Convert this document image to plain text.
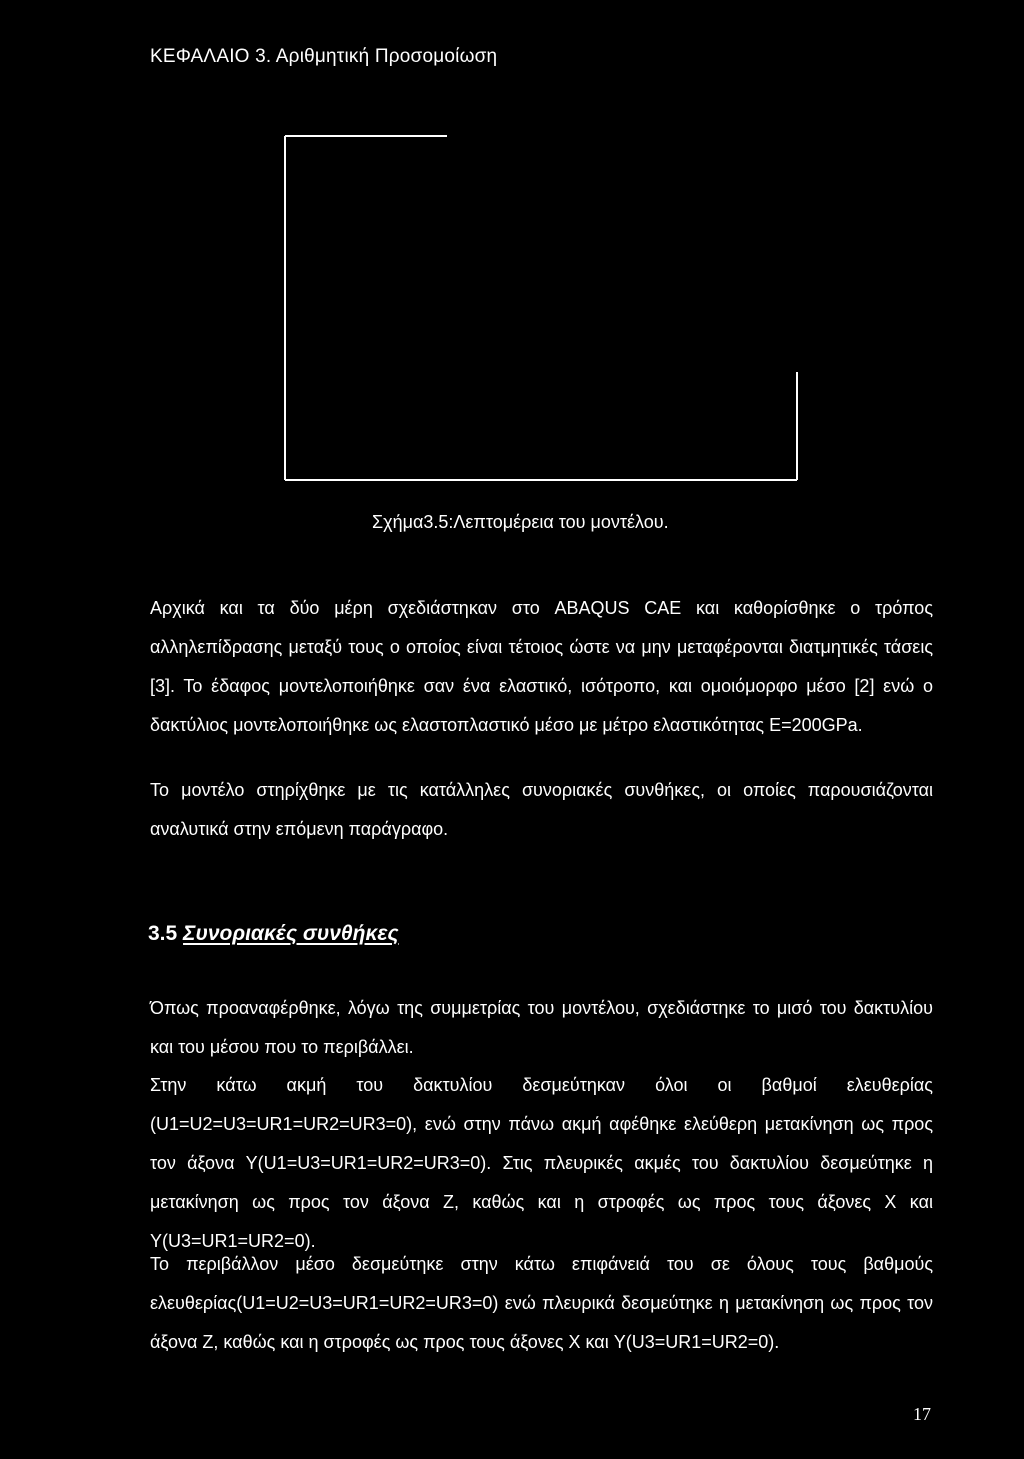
ΚΕΦΑΛΑΙΟ 3. Αριθμητική Προσομοίωση
Σχήμα3.5:Λεπτομέρεια του μοντέλου.

Αρχικά και τα δύο μέρη σχεδιάστηκαν στο ABAQUS CAE και καθορίσθηκε ο τρόπος αλληλεπίδρασης μεταξύ τους ο οποίος είναι τέτοιος ώστε να μην μεταφέρονται διατμητικές τάσεις [3]. Το έδαφος μοντελοποιήθηκε σαν ένα ελαστικό, ισότροπο, και ομοιόμορφο μέσο [2] ενώ ο δακτύλιος μοντελοποιήθηκε ως ελαστοπλαστικό μέσο με μέτρο ελαστικότητας E=200GPa.

Το μοντέλο στηρίχθηκε με τις κατάλληλες συνοριακές συνθήκες, οι οποίες παρουσιάζονται αναλυτικά στην επόμενη παράγραφο.

3.5 Συνοριακές συνθήκες

Όπως προαναφέρθηκε, λόγω της συμμετρίας του μοντέλου, σχεδιάστηκε το μισό του δακτυλίου και του μέσου που το περιβάλλει.

Στην κάτω ακμή του δακτυλίου δεσμεύτηκαν όλοι οι βαθμοί ελευθερίας (U1=U2=U3=UR1=UR2=UR3=0), ενώ στην πάνω ακμή αφέθηκε ελεύθερη μετακίνηση ως προς τον άξονα Y(U1=U3=UR1=UR2=UR3=0). Στις πλευρικές ακμές του δακτυλίου δεσμεύτηκε η μετακίνηση ως προς τον άξονα Z, καθώς και η στροφές ως προς τους άξονες X και Y(U3=UR1=UR2=0).

Το περιβάλλον μέσο δεσμεύτηκε στην κάτω επιφάνειά του σε όλους τους βαθμούς ελευθερίας(U1=U2=U3=UR1=UR2=UR3=0) ενώ πλευρικά δεσμεύτηκε η μετακίνηση ως προς τον άξονα Z, καθώς και η στροφές ως προς τους άξονες X και Y(U3=UR1=UR2=0).

17
